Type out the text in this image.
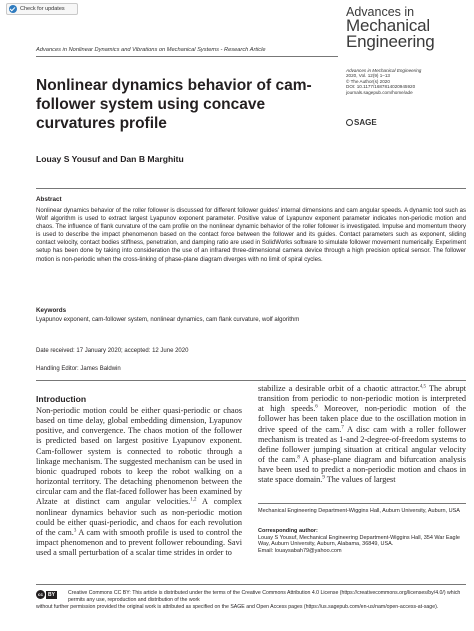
Check for updates	Advances in
Mechanical
Engineering
Advances in Nonlinear Dynamics and Vibrations on Mechanical Systems - Research Article
Advances in Mechanical Engineering
2020, Vol. 12(9) 1–13
© The Author(s) 2020
DOI: 10.1177/1687814020945920
journals.sagepub.com/home/ade
SAGE
Nonlinear dynamics behavior of cam-follower system using concave curvatures profile
Louay S Yousuf and Dan B Marghitu
Abstract
Nonlinear dynamics behavior of the roller follower is discussed for different follower guides' internal dimensions and cam angular speeds. A dynamic tool such as Wolf algorithm is used to extract largest Lyapunov exponent parameter. Positive value of Lyapunov exponent parameter indicates non-periodic motion and chaos. The influence of flank curvature of the cam profile on the nonlinear dynamic behavior of the roller follower is investigated. Impulse and momentum theory is used to describe the impact phenomenon based on the contact force between the follower and its guides. Contact parameters such as exponent, sliding contact velocity, contact bodies stiffness, penetration, and damping ratio are used in SolidWorks software to simulate follower movement numerically. Experiment setup has been done by taking into consideration the use of an infrared three-dimensional camera device through a high precision optical sensor. The follower motion is non-periodic when the cross-linking of phase-plane diagram diverges with no limit of spiral cycles.
Keywords
Lyapunov exponent, cam-follower system, nonlinear dynamics, cam flank curvature, wolf algorithm
Date received: 17 January 2020; accepted: 12 June 2020
Handling Editor: James Baldwin
Introduction

Non-periodic motion could be either quasi-periodic or chaos based on time delay, global embedding dimension, Lyapunov positive, and convergence. The chaos motion of the follower is predicted based on largest positive Lyapunov exponent. Cam-follower system is connected to robotic through a linkage mechanism. The suggested mechanism can be used in bionic quadruped robots to keep the robot walking on a horizontal territory. The detaching phenomenon between the circular cam and the flat-faced follower has been examined by Alzate at distinct cam angular velocities.$^{1,2}$ A complex nonlinear dynamics behavior such as non-periodic motion could be either quasi-periodic, and chaos for each revolution of the cam.$^3$ A cam with smooth profile is used to control the impact phenomenon and to prevent follower rebounding. Savi used a small perturbation of a scalar time strides in order to

stabilize a desirable orbit of a chaotic attractor.$^{4,5}$ The abrupt transition from periodic to non-periodic motion is interpreted at high speeds.$^6$ Moreover, non-periodic motion of the follower has been taken place due to the oscillation motion in drive speed of the cam.$^7$ A disc cam with a roller follower mechanism is treated as 1-and 2-degree-of-freedom systems to define follower jumping situation at critical angular velocity of the cam.$^8$ A phase-plane diagram and bifurcation analysis have been used to predict a non-periodic motion and chaos in state space domain.$^9$ The values of largest

Mechanical Engineering Department-Wiggins Hall, Auburn University, Auburn, USA
Corresponding author:
Louay S Yousuf, Mechanical Engineering Department-Wiggins Hall, 354 War Eagle Way, Auburn University, Auburn, Alabama, 36849, USA.
Email: louaysabah79@yahoo.com
cc	BY	Creative Commons CC BY: This article is distributed under the terms of the Creative Commons Attribution 4.0 License (https://creativecommons.org/licenses/by/4.0/) which permits any use, reproduction and distribution of the work
without further permission provided the original work is attributed as specified on the SAGE and Open Access pages (https://us.sagepub.com/en-us/nam/open-access-at-sage).
